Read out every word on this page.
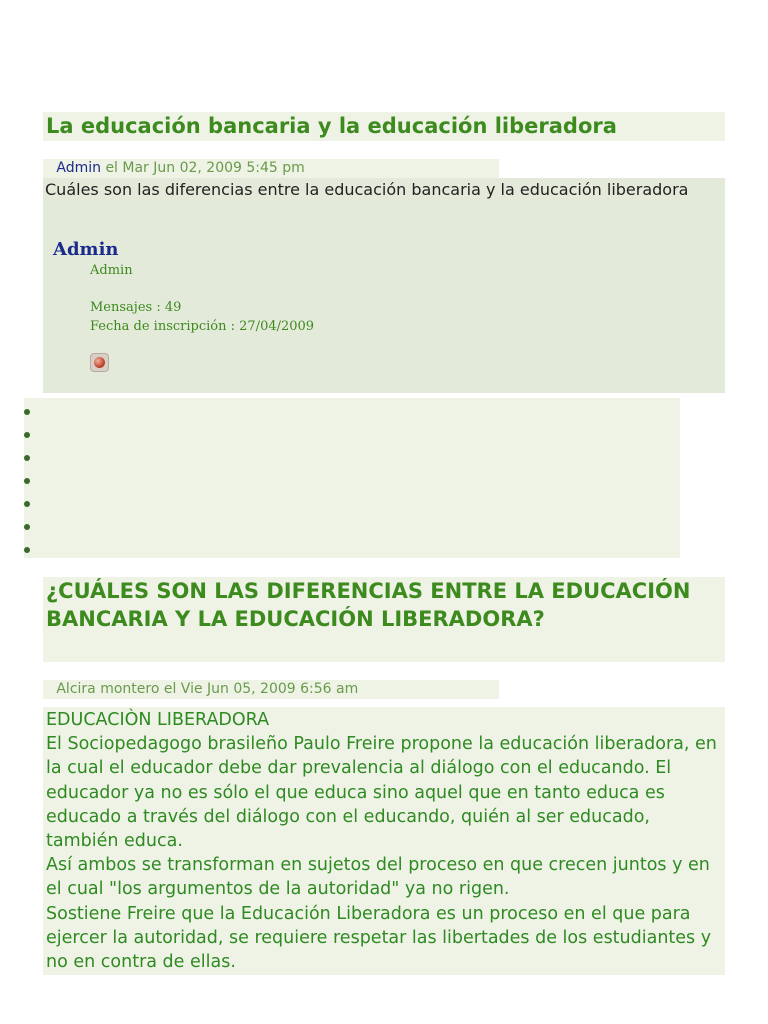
La educación bancaria y la educación liberadora
Admin el Mar Jun 02, 2009 5:45 pm
Cuáles son las diferencias entre la educación bancaria y la educación liberadora
Admin
Admin
Mensajes : 49
Fecha de inscripción : 27/04/2009
¿CUÁLES SON LAS DIFERENCIAS ENTRE LA EDUCACIÓN BANCARIA Y LA EDUCACIÓN LIBERADORA?
Alcira montero el Vie Jun 05, 2009 6:56 am

EDUCACIÒN LIBERADORA

El Sociopedagogo brasileño Paulo Freire propone la educación liberadora, en la cual el educador debe dar prevalencia al diálogo con el educando. El educador ya no es sólo el que educa sino aquel que en tanto educa es educado a través del diálogo con el educando, quién al ser educado, también educa.

Así ambos se transforman en sujetos del proceso en que crecen juntos y en el cual "los argumentos de la autoridad" ya no rigen.

Sostiene Freire que la Educación Liberadora es un proceso en el que para ejercer la autoridad, se requiere respetar las libertades de los estudiantes y no en contra de ellas.
